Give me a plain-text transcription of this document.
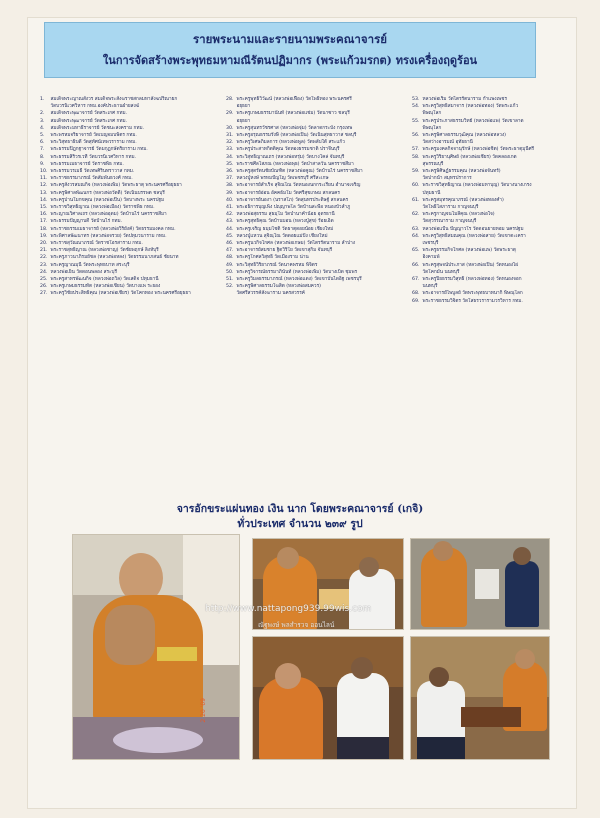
รายพระนามและรายนามพระคณาจารย์
ในการจัดสร้างพระพุทธมหามณีรัตนปฏิมากร (พระแก้วมรกต) ทรงเครื่องฤดูร้อน
1. สมเด็จพระญาณสังวร สมเด็จพระสังฆราชสกลมหาสังฆปริณายก
วัดบวรนิเวศวิหาร กทม.องค์ประธานฝ่ายสงฆ์
2. สมเด็จพระพุฒาจารย์ วัดสระเกศ กทม.
3. สมเด็จพระพุฒาจารย์ วัดสระเกศ กทม.
4. สมเด็จพระมหาธีราจารย์ วัดชนะสงคราม กทม.
5. พระพรหมจริยาจารย์ วัดเบญจมบพิตร กทม.
6. พระวิสุทธาธิบดี วัดสุทัศน์เทพวราราม กทม.
7. พระธรรมปิฎกฐาจารย์ วัดมกุฏกษัตริยาราม กทม.
8. พระธรรมสิริวรเวที วัดบวรนิเวศวิหาร กทม.
9. พระธรรมเมธาจารย์ วัดราชพิธ กทม.
10. พระธรรมวรเมธี วัดเทพศิรินทราวาส กทม.
11. พระราชธรรมาภรณ์ วัดสัมพันธวงศ์ กทม.
12. พระครูสังวรสมณกิจ (หลวงพ่อเพิ่ม) วัดพระธาตุ พระนครศรีอยุธยา
13. พระครูพิศาลพัฒนกร (หลวงพ่อวัดดี) วัดเนินบรรพต ชลบุรี
14. พระครูปานโมกขคุณ (หลวงพ่อเปิ่น) วัดบางพระ นครปฐม
15. พระราชวิสุทธิญาณ (หลวงพ่อเมือง) วัดราชพิธ กทม.
16. พระญาณวิศาลเถร (หลวงพ่ออุดม) วัดบ้านไร่ นครราชสีมา
17. พระธรรมปัญญาบดี วัดบ้านไร่ กทม.
18. พระราชธรรมเมธาจารย์ (หลวงพ่อวิริยังค์) วัดธรรมมงคล กทม.
19. พระพิศาลพัฒนาทร (หลวงพ่อจรวย) วัดปทุมวนาราม กทม.
20. พระราชสุวัณณาภรณ์ วัดราชโอรสาราม กทม.
21. พระราชสุทธิญาณ (หลวงพ่อชาญ) วัดชัยพฤกษ์ ลิงห์บุรี
22. พระครูภาวนาภิรมย์ชล (หลวงพ่อหลง) วัดธรรมนาภสนธ์ ชัยนาท
23. พระครูญาณมุนี วัดพระพุทธบาท สระบุรี
24. หลวงพ่อเย็น วัดดอนพลอง สระบุรี
25. พระครูสาทรพัฒนกิจ (หลวงพ่อถวิล) วัดเสด็จ ปทุมธานี
26. พระครูเกษมธรรมทัต (หลวงพ่อเขียน) วัดบางแพ ระยอง
27. พระครูวิชัยประสิทธิคุณ (หลวงพ่อเชียร) วัดโคกทอง พระนครศรีอยุธยา
28. พระครูพุทธิวิวัฒน์ (หลวงพ่อเฟื่อง) วัดโพธิ์ทอง พระนครศรี
อยุธยา
29. พระครูเกษมธรรมานันท์ (หลวงพ่อแช่ม) วัดนาซาว ชลบุรี
อยุธยา
30. พระครูสุนทรวัชรศาส (หลวงพ่อจุ่ม) วัดลาดกระบัง กรุงเทพ
31. พระครูอรุณธรรมรังษี (หลวงพ่อเปิ่น) วัดเนินสุทธาวาส ชลบุรี
32. พระครูวิเศษภิมลการ (หลวงพ่อพูล) วัดพลับใต้ สระแก้ว
33. พระครูประสาทกิตติคุณ วัดทองธรรมชาติ ปราจีนบุรี
34. พระวิสุทธิญาณเถร (หลวงพ่อหรุ่ม) วัดบางโคล่ จันทบุรี
35. พระราชศีลโสภณ (หลวงพ่อพุธ) วัดป่าสาลวัน นครราชสีมา
36. พระครูสุดรัตนชัยบัณฑิต (หลวงพ่อคูณ) วัดบ้านไร่ นครราชสีมา
37. หลวงปู่หงษ์ พรหมปัญโญ วัดเพชรบุรี ศรีสะเกษ
38. พระอาจารย์สำเร็จ สุจิณโณ วัดหนองนกกระเรียน อำนาจเจริญ
39. พระอาจารย์อ่อน อัคคธัมโม วัดศรีสุขเกษม สกลนคร
40. พระอาจารย์นองา (นราสโภ) วัดสุนทรประดิษฐ์ สกลนคร
41. พระอธิการบุญเพ็ง ปญฺญาพโล วัดบ้านสะพือ หนองบัวลำภู
42. หลวงพ่อสุธรรม สุธมฺโม วัดป่านาคำน้อย อุดรธานี
43. พระครูสุทธิคุณ วัดบ้านบอน (หลวงปู่สุข) ร้อยเอ็ด
44. พระครูเจริญ ธมฺมโชติ วัดธาตุดอยน้อย เชียงใหม่
45. หลวงปู่แหวน สุจิณฺโณ วัดดอยแม่ปั๋ง เชียงใหม่
46. พระครูนวกิจโกศล (หลวงพ่อเกษม) วัดไตรรัตนาราม ลำปาง
47. พระอาจารย์สมชาย ฐิตวิริโย วัดเขาสุกิม จันทบุรี
48. พระครูโกศลวิสุทธิ์ วัดเมืองราม น่าน
49. พระวิสุทธิวิริยาภรณ์ วัดนาคพรหม พิจิตร
50. พระครูวิจารณ์ธรรมาภินันท์ (หลวงพ่อเพิ่ม) วัดบางเบิด ชุมพร
51. พระครูวิมลธรรมาภรณ์ (หลวงพ่อแดง) วัดเขาบันไดอิฐ เพชรบุรี
52. พระครูพิศาลธรรมโฆสิต (หลวงพ่อสมควร)
วัดศรีสวรรค์สังฆาราม นครสวรรค์
53. หลวงพ่อเริ่ม วัดไตรรัตนาราม กำแพงเพชร
54. พระครูวิสุทธิสมาจาร (หลวงพ่อทอง) วัดพระแก้ว
พิษณุโลก
55. พระครูประภาสธรรมวิทย์ (หลวงพ่อแพ) วัดเขาลาด
พิษณุโลก
56. พระครูพิศาลธรรมวุฒิคุณ (หลวงพ่อหลวง)
วัดสว่างอารมณ์ อุทัยธานี
57. พระครูมงคลกิจจานุรักษ์ (หลวงพ่อชิต) วัดพระธาตุมุนีศรี
58. พระครูวิริยานุศิษย์ (หลวงพ่อเชียร) วัดคลองเกต
สุพรรณบุรี
59. พระครูพิศิษฏ์ธรรมคุณ (หลวงพ่อจันทร์)
วัดปากน้ำ สมุทรปราการ
60. พระราชวิสุทธิญาณ (หลวงพ่อมหาบุญ) วัดบางนางเกรง
ปทุมธานี
61. พระครูสมุทรคุณาภรณ์ (หลวงพ่อทองคำ)
วัดโพธิ์โสภาราม กาญจนบุรี
62. พระครูกาญจนโมลีคุณ (หลวงพ่อใจ)
วัดสุวรรณาราม กาญจนบุรี
63. หลวงพ่อแป้น ปัญญาวโร วัดดอนยายหอม นครปฐม
64. พระครูวิสุทธิสมณคุณ (หลวงพ่อสาย) วัดเขาตะเครา
เพชรบุรี
65. พระครูธรรมกิจโกศล (หลวงพ่อแพ) วัดพระธาตุ
อิงคามพ์
66. พระครูสุพจน์ประภาส (หลวงพ่อเปิ่น) วัดหนองไผ่
วัดโคกมัน นนทบุรี
67. พระครูปิยธรรมวิสุทธิ์ (หลวงพ่อทอง) วัดหนองจอก
นนทบุรี
68. พระอาจารย์ไพบูลย์ วัดพระพุทธบาทนากิ พิษณุโลก
69. พระราชธรรมวิจิตร วัดโสธรวรารามวรวิหาร กทม.
จารอักขระแผ่นทอง เงิน นาก โดยพระคณาจารย์ (เกจิ)
ทั่วประเทศ จำนวน ๒๓๙ รูป
http://www.nattapong939.99wis.com
ณัฐพงษ์ พลสำรวจ ออนไลน์
2 20 '09
